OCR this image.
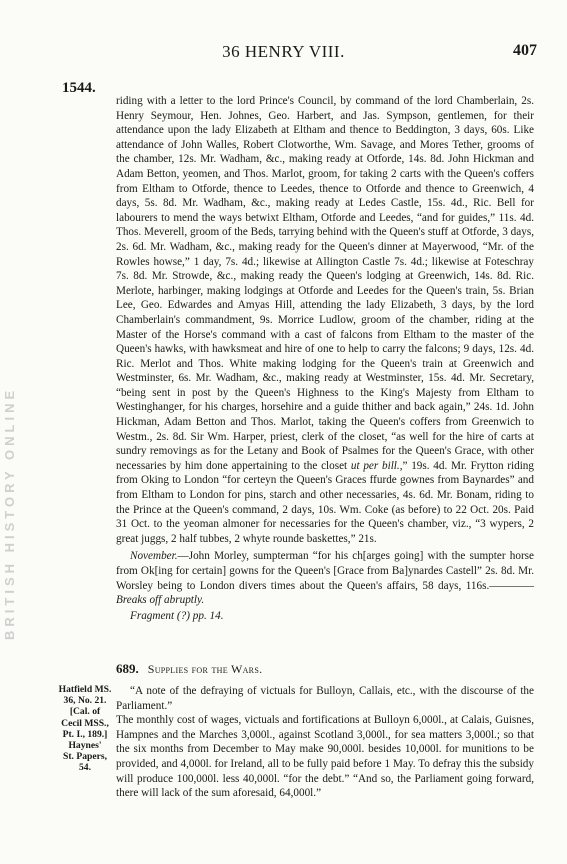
BRITISH HISTORY ONLINE
36 HENRY VIII.	407
1544.

riding with a letter to the lord Prince's Council, by command of the lord Chamberlain, 2s. Henry Seymour, Hen. Johnes, Geo. Harbert, and Jas. Sympson, gentlemen, for their attendance upon the lady Elizabeth at Eltham and thence to Beddington, 3 days, 60s. Like attendance of John Walles, Robert Clotworthe, Wm. Savage, and Mores Tether, grooms of the chamber, 12s. Mr. Wadham, &c., making ready at Otforde, 14s. 8d. John Hickman and Adam Betton, yeomen, and Thos. Marlot, groom, for taking 2 carts with the Queen's coffers from Eltham to Otforde, thence to Leedes, thence to Otforde and thence to Greenwich, 4 days, 5s. 8d. Mr. Wadham, &c., making ready at Ledes Castle, 15s. 4d., Ric. Bell for labourers to mend the ways betwixt Eltham, Otforde and Leedes, “and for guides,” 11s. 4d. Thos. Meverell, groom of the Beds, tarrying behind with the Queen's stuff at Otforde, 3 days, 2s. 6d. Mr. Wadham, &c., making ready for the Queen's dinner at Mayerwood, “Mr. of the Rowles howse,” 1 day, 7s. 4d.; likewise at Allington Castle 7s. 4d.; likewise at Foteschray 7s. 8d. Mr. Strowde, &c., making ready the Queen's lodging at Greenwich, 14s. 8d. Ric. Merlote, harbinger, making lodgings at Otforde and Leedes for the Queen's train, 5s. Brian Lee, Geo. Edwardes and Amyas Hill, attending the lady Elizabeth, 3 days, by the lord Chamberlain's commandment, 9s. Morrice Ludlow, groom of the chamber, riding at the Master of the Horse's command with a cast of falcons from Eltham to the master of the Queen's hawks, with hawksmeat and hire of one to help to carry the falcons; 9 days, 12s. 4d. Ric. Merlot and Thos. White making lodging for the Queen's train at Greenwich and Westminster, 6s. Mr. Wadham, &c., making ready at Westminster, 15s. 4d. Mr. Secretary, “being sent in post by the Queen's Highness to the King's Majesty from Eltham to Westinghanger, for his charges, horsehire and a guide thither and back again,” 24s. 1d. John Hickman, Adam Betton and Thos. Marlot, taking the Queen's coffers from Greenwich to Westm., 2s. 8d. Sir Wm. Harper, priest, clerk of the closet, “as well for the hire of carts at sundry removings as for the Letany and Book of Psalmes for the Queen's Grace, with other necessaries by him done appertaining to the closet ut per bill.,” 19s. 4d. Mr. Frytton riding from Oking to London “for certeyn the Queen's Graces ffurde gownes from Baynardes” and from Eltham to London for pins, starch and other necessaries, 4s. 6d. Mr. Bonam, riding to the Prince at the Queen's command, 2 days, 10s. Wm. Coke (as before) to 22 Oct. 20s. Paid 31 Oct. to the yeoman almoner for necessaries for the Queen's chamber, viz., “3 wypers, 2 great juggs, 2 half tubbes, 2 whyte rounde baskettes,” 21s.

November.—John Morley, sumpterman “for his ch[arges going] with the sumpter horse from Ok[ing for certain] gowns for the Queen's [Grace from Ba]ynardes Castell” 2s. 8d. Mr. Worsley being to London divers times about the Queen's affairs, 58 days, 116s.————Breaks off abruptly.

Fragment (?) pp. 14.

689. Supplies for the Wars.
Hatfield MS.
36, No. 21.
[Cal. of
Cecil MSS.,
Pt. I., 189.]
Haynes'
St. Papers, 54.

“A note of the defraying of victuals for Bulloyn, Callais, etc., with the discourse of the Parliament.”

The monthly cost of wages, victuals and fortifications at Bulloyn 6,000l., at Calais, Guisnes, Hampnes and the Marches 3,000l., against Scotland 3,000l., for sea matters 3,000l.; so that the six months from December to May make 90,000l. besides 10,000l. for munitions to be provided, and 4,000l. for Ireland, all to be fully paid before 1 May. To defray this the subsidy will produce 100,000l. less 40,000l. “for the debt.” “And so, the Parliament going forward, there will lack of the sum aforesaid, 64,000l.”
